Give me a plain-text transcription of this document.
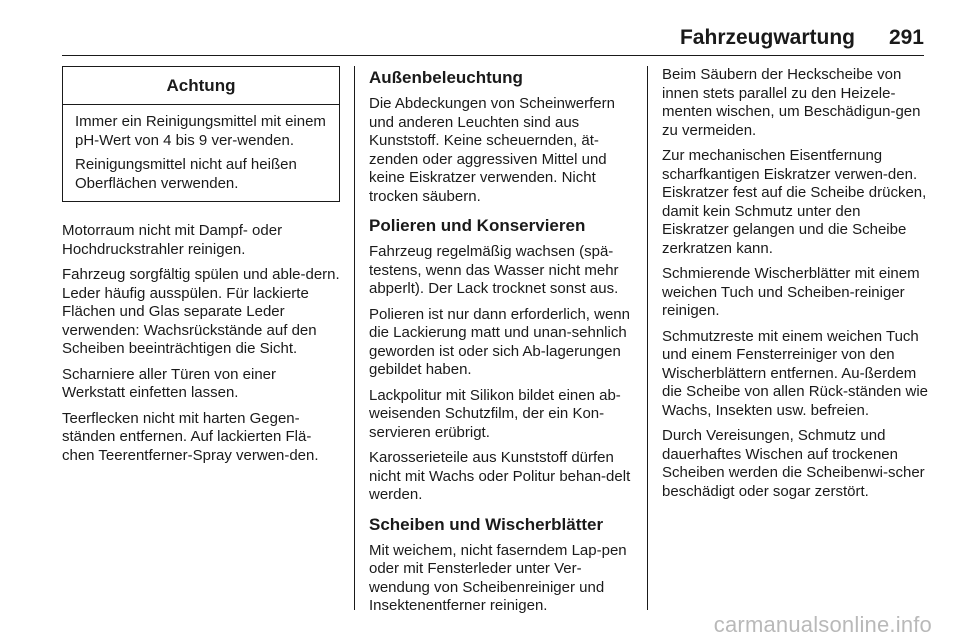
Fahrzeugwartung 291
Achtung

Immer ein Reinigungsmittel mit einem pH-Wert von 4 bis 9 ver-wenden.

Reinigungsmittel nicht auf heißen Oberflächen verwenden.

Motorraum nicht mit Dampf- oder Hochdruckstrahler reinigen.

Fahrzeug sorgfältig spülen und able-dern. Leder häufig ausspülen. Für lackierte Flächen und Glas separate Leder verwenden: Wachsrückstände auf den Scheiben beeinträchtigen die Sicht.

Scharniere aller Türen von einer Werkstatt einfetten lassen.

Teerflecken nicht mit harten Gegen-ständen entfernen. Auf lackierten Flä-chen Teerentferner-Spray verwen-den.

Außenbeleuchtung

Die Abdeckungen von Scheinwerfern und anderen Leuchten sind aus Kunststoff. Keine scheuernden, ät-zenden oder aggressiven Mittel und keine Eiskratzer verwenden. Nicht trocken säubern.

Polieren und Konservieren

Fahrzeug regelmäßig wachsen (spä-testens, wenn das Wasser nicht mehr abperlt). Der Lack trocknet sonst aus.

Polieren ist nur dann erforderlich, wenn die Lackierung matt und unan-sehnlich geworden ist oder sich Ab-lagerungen gebildet haben.

Lackpolitur mit Silikon bildet einen ab-weisenden Schutzfilm, der ein Kon-servieren erübrigt.

Karosserieteile aus Kunststoff dürfen nicht mit Wachs oder Politur behan-delt werden.

Scheiben und Wischerblätter

Mit weichem, nicht faserndem Lap-pen oder mit Fensterleder unter Ver-wendung von Scheibenreiniger und Insektenentferner reinigen.

Beim Säubern der Heckscheibe von innen stets parallel zu den Heizele-menten wischen, um Beschädigun-gen zu vermeiden.

Zur mechanischen Eisentfernung scharfkantigen Eiskratzer verwen-den. Eiskratzer fest auf die Scheibe drücken, damit kein Schmutz unter den Eiskratzer gelangen und die Scheibe zerkratzen kann.

Schmierende Wischerblätter mit einem weichen Tuch und Scheiben-reiniger reinigen.

Schmutzreste mit einem weichen Tuch und einem Fensterreiniger von den Wischerblättern entfernen. Au-ßerdem die Scheibe von allen Rück-ständen wie Wachs, Insekten usw. befreien.

Durch Vereisungen, Schmutz und dauerhaftes Wischen auf trockenen Scheiben werden die Scheibenwi-scher beschädigt oder sogar zerstört.

carmanualsonline.info
